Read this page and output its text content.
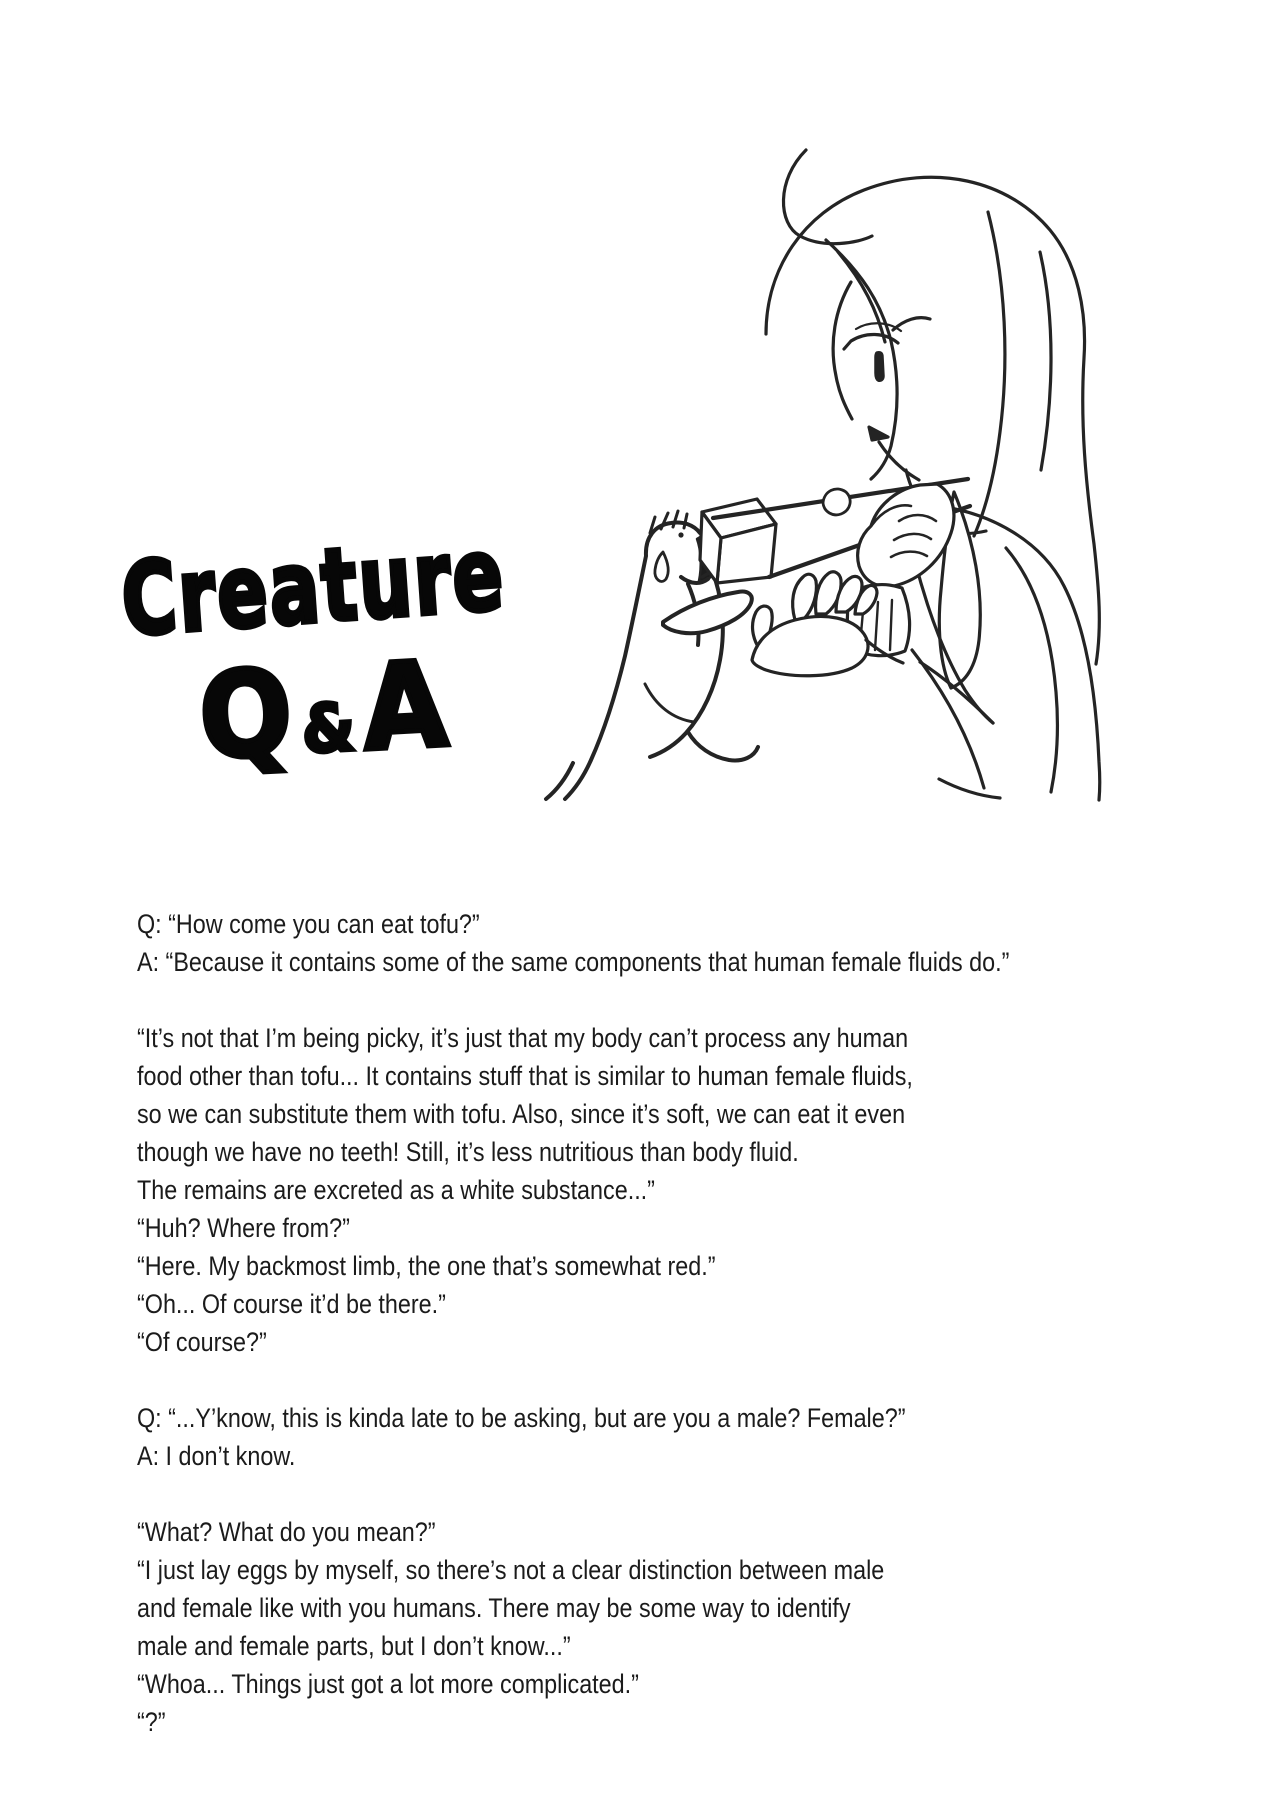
Creature
Q&A
Q: “How come you can eat tofu?”
A: “Because it contains some of the same components that human female fluids do.”
“It’s not that I’m being picky, it’s just that my body can’t process any human
food other than tofu... It contains stuff that is similar to human female fluids,
so we can substitute them with tofu. Also, since it’s soft, we can eat it even
though we have no teeth! Still, it’s less nutritious than body fluid.
The remains are excreted as a white substance...”
“Huh? Where from?”
“Here. My backmost limb, the one that’s somewhat red.”
“Oh... Of course it’d be there.”
“Of course?”
Q: “...Y’know, this is kinda late to be asking, but are you a male? Female?”
A: I don’t know.
“What? What do you mean?”
“I just lay eggs by myself, so there’s not a clear distinction between male
and female like with you humans. There may be some way to identify
male and female parts, but I don’t know...”
“Whoa... Things just got a lot more complicated.”
“?”
